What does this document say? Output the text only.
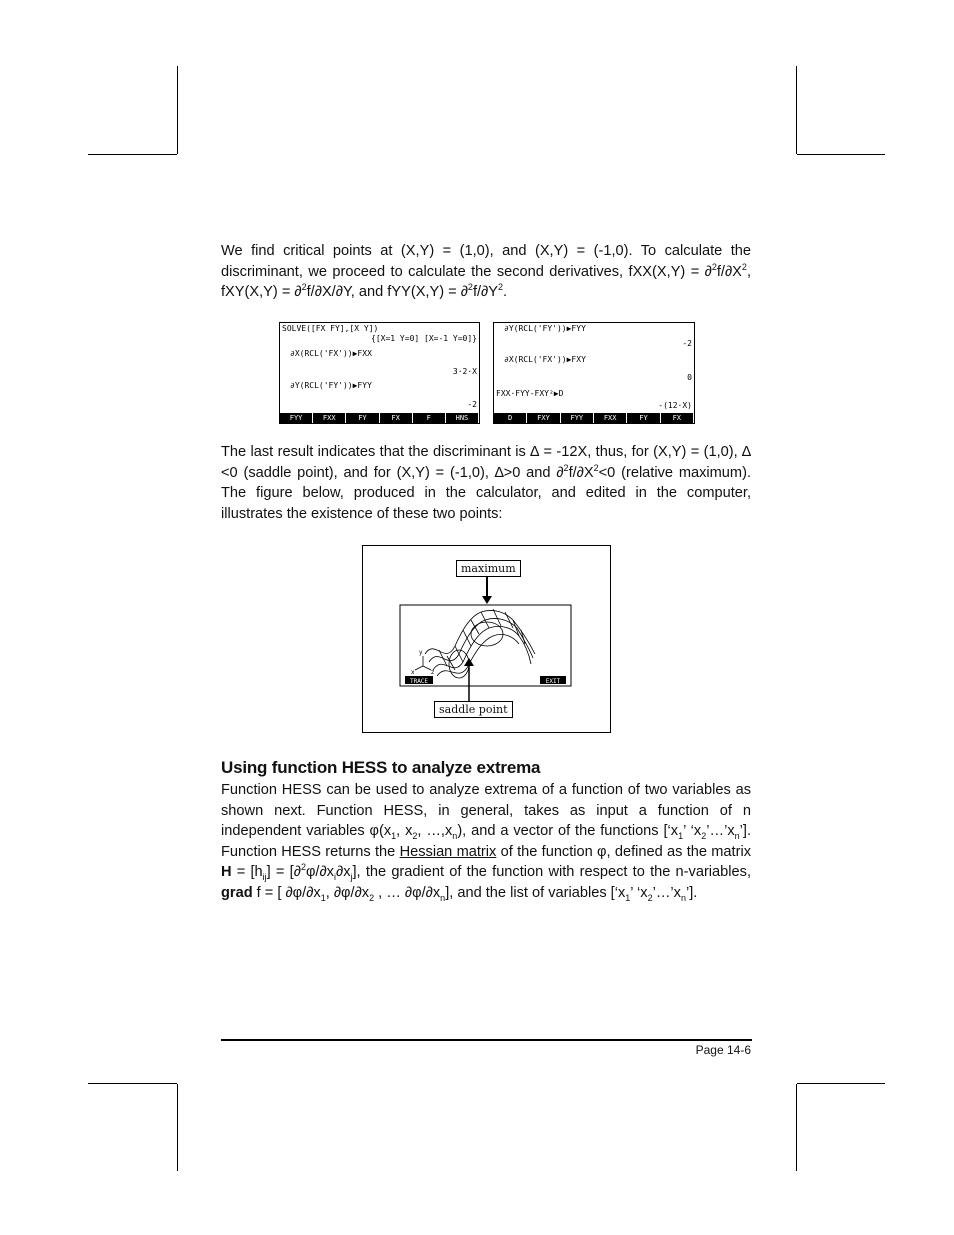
We find critical points at (X,Y) = (1,0), and (X,Y) = (-1,0). To calculate the discriminant, we proceed to calculate the second derivatives, $fXX(X,Y) = \partial^2f/\partial X^2$, fXY(X,Y) = ∂$^2$f/∂X/∂Y, and $fYY(X,Y) = \partial^2f/\partial Y^2$.
SOLVE([FX FY],[X Y])
{[X=1 Y=0] [X=-1 Y=0]}
∂X(RCL('FX'))▶FXX
3·2·X
∂Y(RCL('FY'))▶FYY
-2
FYY	FXX	FY	FX	F	HNS
∂Y(RCL('FY'))▶FYY
-2
∂X(RCL('FX'))▶FXY
0
FXX·FYY-FXY²▶D
-(12·X)
D	FXY	FYY	FXX	FY	FX
The last result indicates that the discriminant is ∆ = -12X, thus, for (X,Y) = (1,0), ∆ <0 (saddle point), and for (X,Y) = (-1,0), ∆>0 and $\partial^2f/\partial X^2<0$ (relative maximum). The figure below, produced in the calculator, and edited in the computer, illustrates the existence of these two points:
maximum
y
x	z
TRACE	EXIT
saddle point
Using function HESS to analyze extrema
Function HESS can be used to analyze extrema of a function of two variables as shown next. Function HESS, in general, takes as input a function of n independent variables $\varphi(x_1$, $x_2$, $\dots,x_n$), and a vector of the functions [‘$x_1$’ ‘$x_2’\dots’x_n$’]. Function HESS returns the Hessian matrix of the function φ, defined as the matrix $H = [h_{ij}] = [\partial^2\varphi/\partial x_i\partial x_j]$, the gradient of the function with respect to the n-variables, grad f = [ $\partial\varphi/\partial x_1$, $\partial\varphi/\partial x_2$ , … $\partial\varphi/\partial x_n$], and the list of variables [‘$x_1$’ ‘$x_2’\dots’x_n$’].
Page 14-6
